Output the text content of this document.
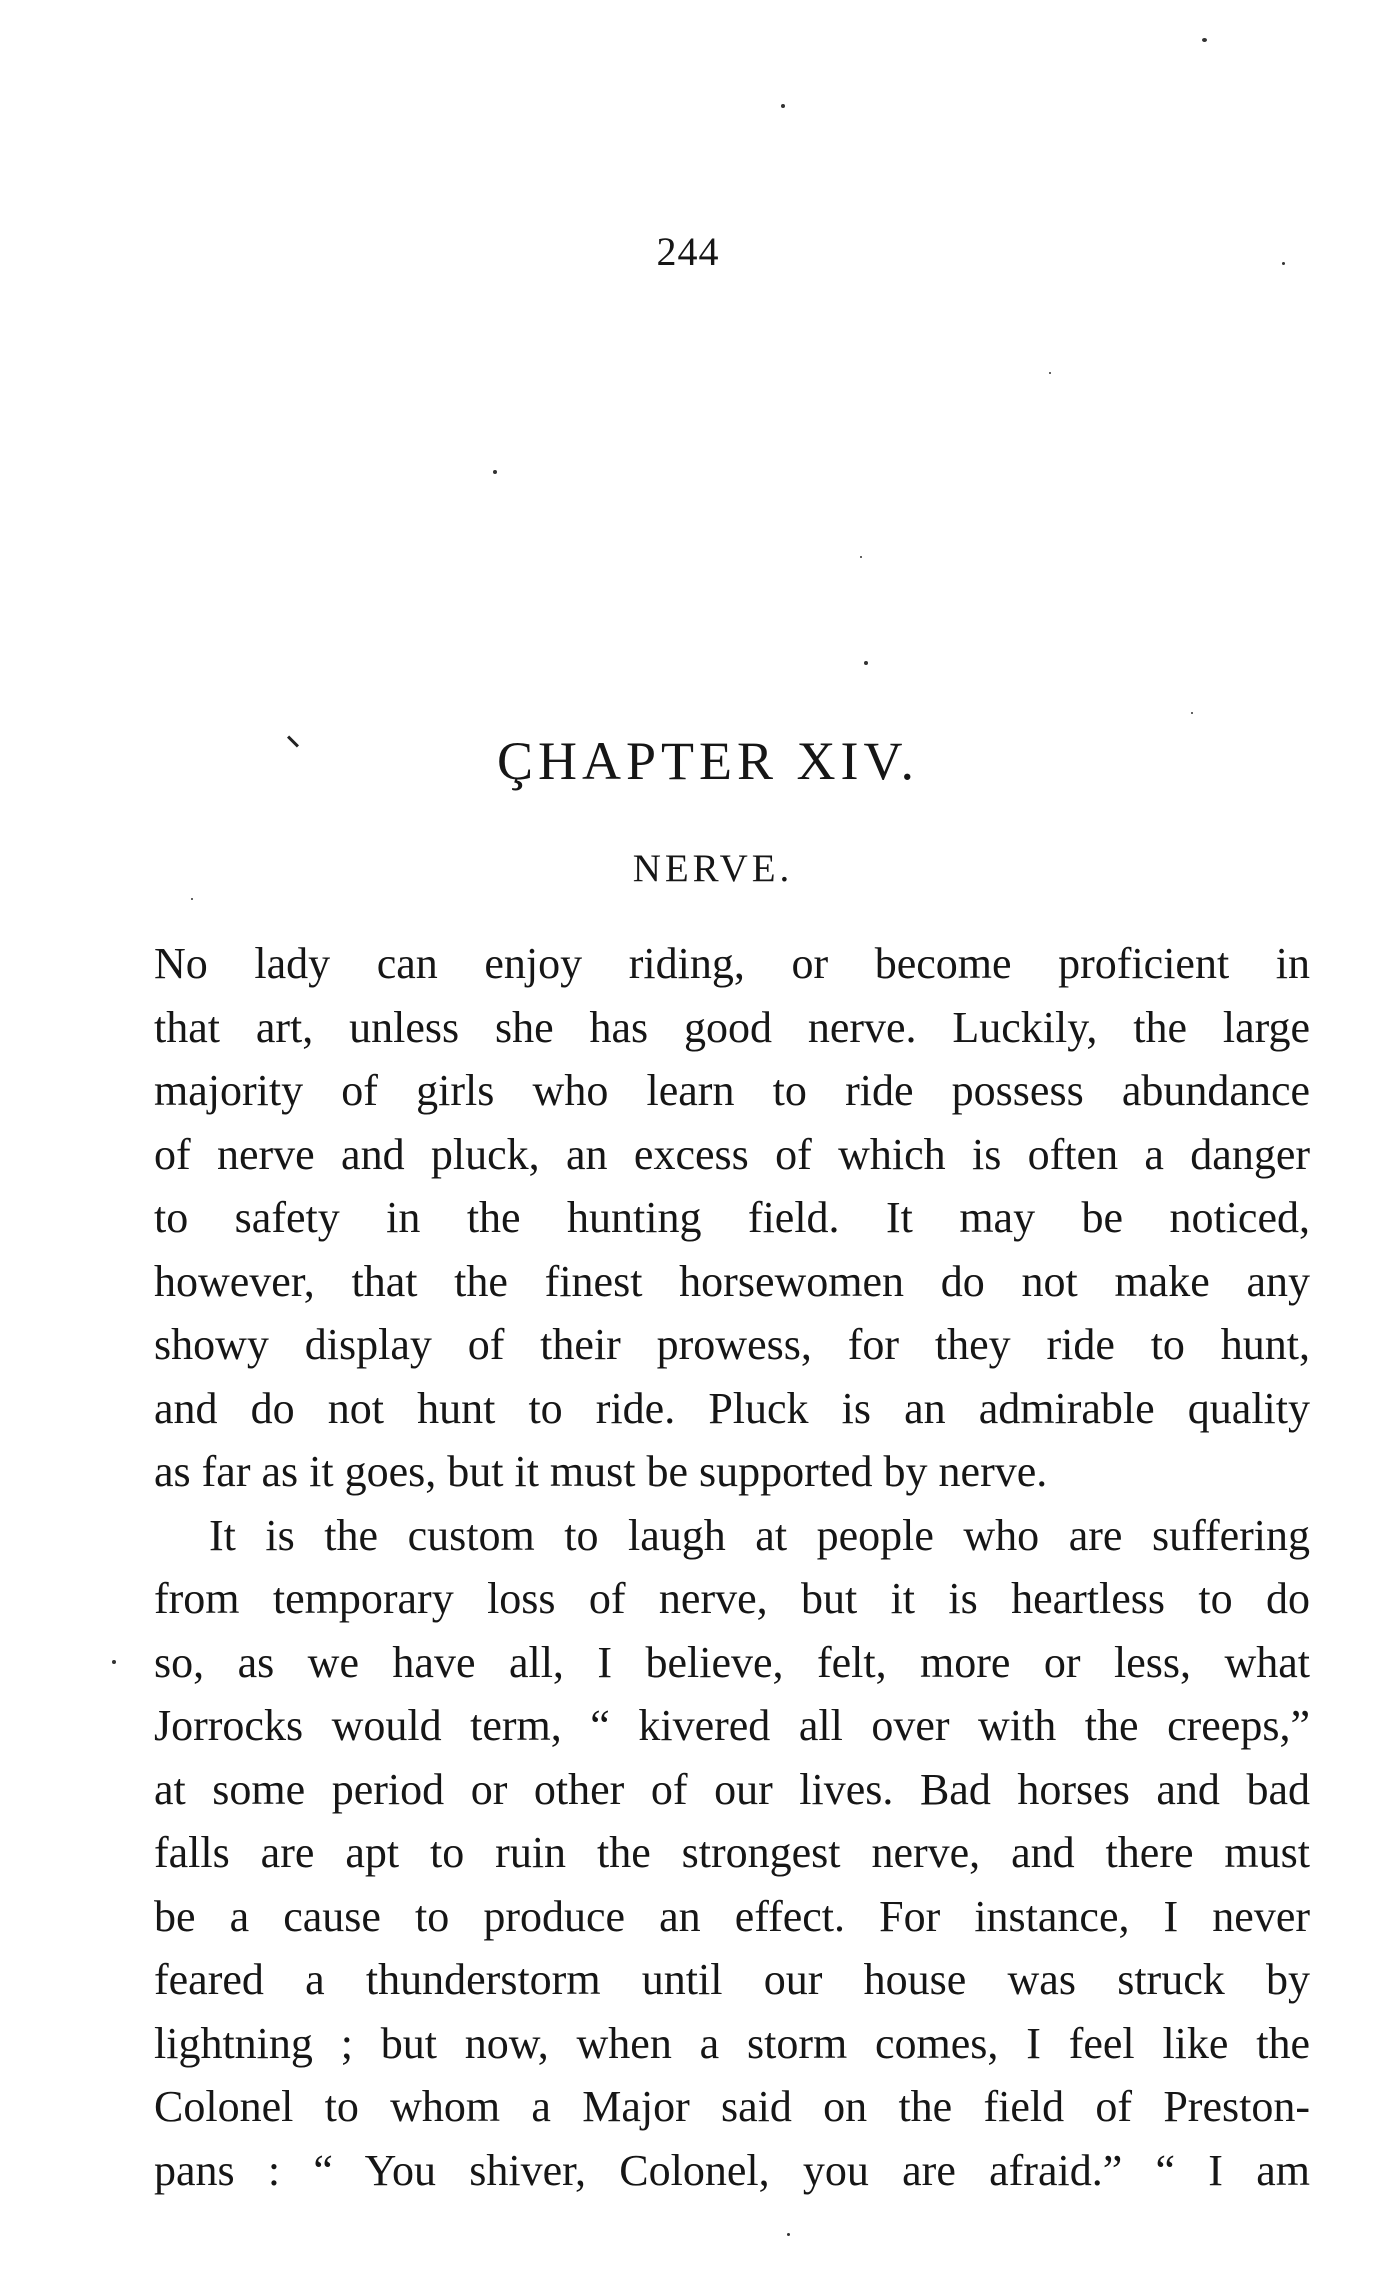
244
ÇHAPTER XIV.
NERVE.
No lady can enjoy riding, or become proficient in
that art, unless she has good nerve. Luckily, the large
majority of girls who learn to ride possess abundance
of nerve and pluck, an excess of which is often a danger
to safety in the hunting field. It may be noticed,
however, that the finest horsewomen do not make any
showy display of their prowess, for they ride to hunt,
and do not hunt to ride. Pluck is an admirable quality
as far as it goes, but it must be supported by nerve.
It is the custom to laugh at people who are suffering
from temporary loss of nerve, but it is heartless to do
so, as we have all, I believe, felt, more or less, what
Jorrocks would term, “ kivered all over with the creeps,”
at some period or other of our lives. Bad horses and bad
falls are apt to ruin the strongest nerve, and there must
be a cause to produce an effect. For instance, I never
feared a thunderstorm until our house was struck by
lightning ; but now, when a storm comes, I feel like the
Colonel to whom a Major said on the field of Preston-
pans : “ You shiver, Colonel, you are afraid.” “ I am
